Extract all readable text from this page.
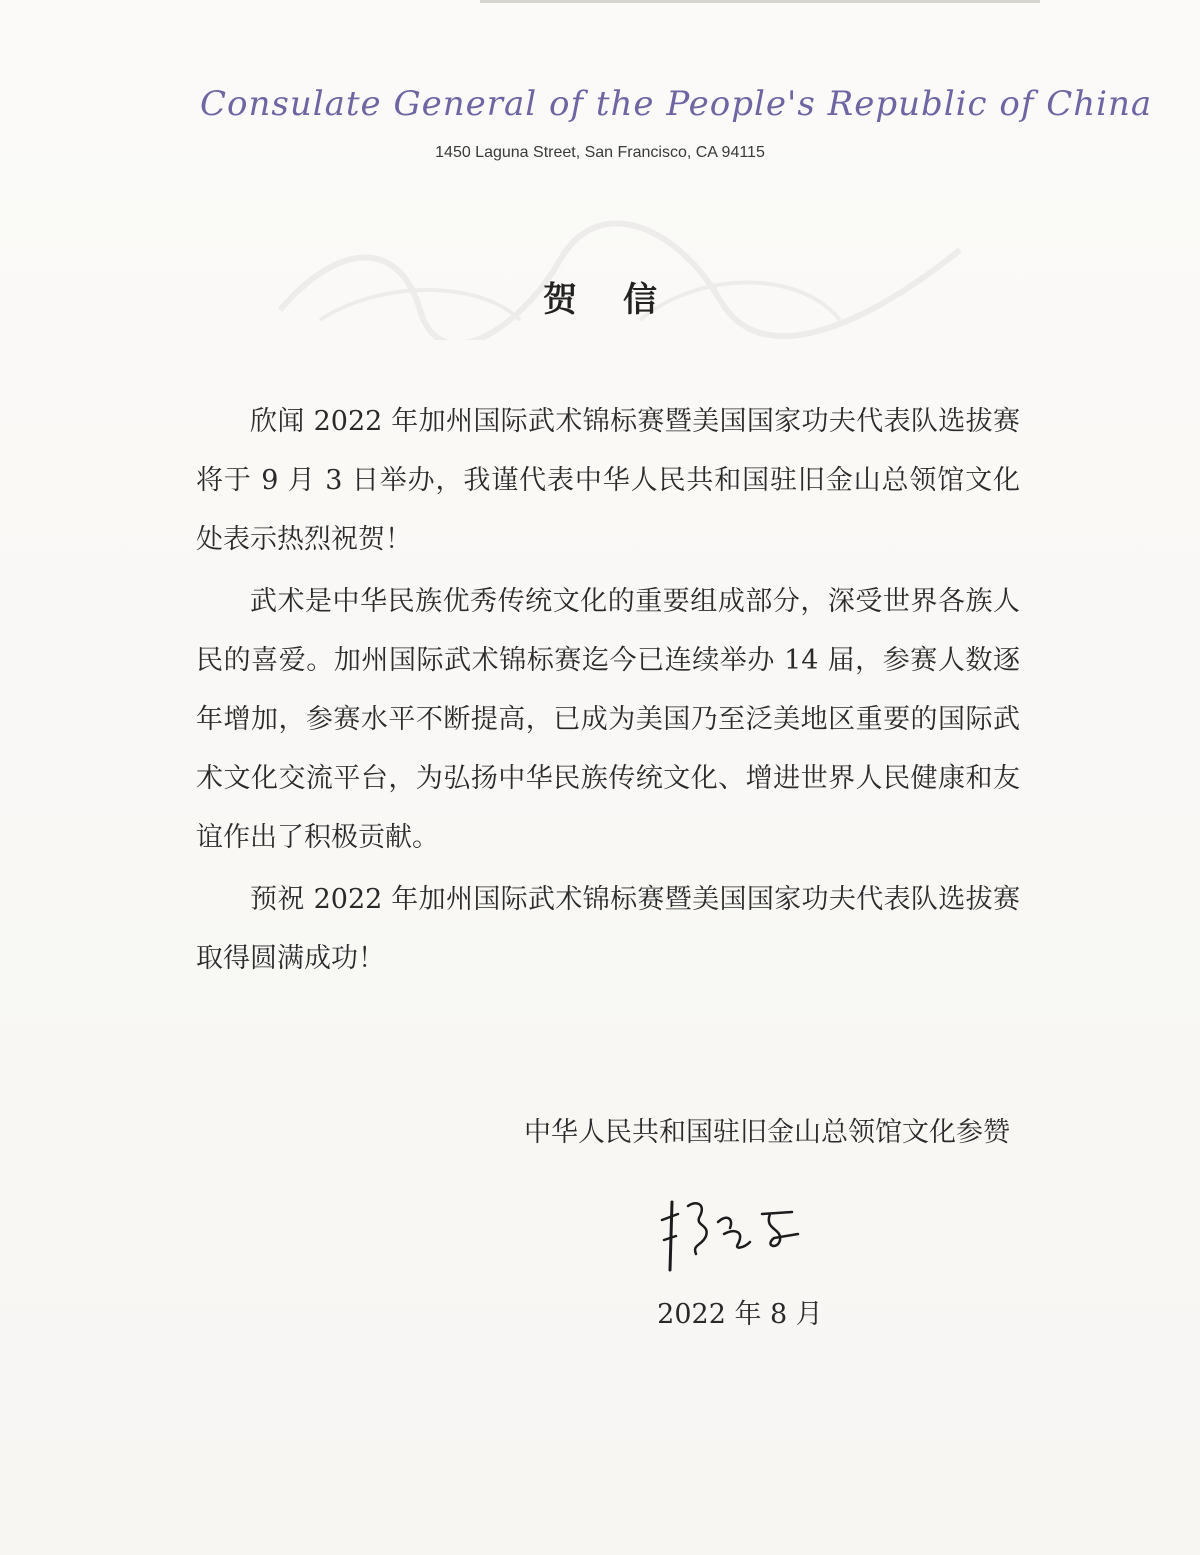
Consulate General of the People's Republic of China
1450 Laguna Street, San Francisco, CA 94115
贺信

欣闻 2022 年加州国际武术锦标赛暨美国国家功夫代表队选拔赛将于 9 月 3 日举办，我谨代表中华人民共和国驻旧金山总领馆文化处表示热烈祝贺！

武术是中华民族优秀传统文化的重要组成部分，深受世界各族人民的喜爱。加州国际武术锦标赛迄今已连续举办 14 届，参赛人数逐年增加，参赛水平不断提高，已成为美国乃至泛美地区重要的国际武术文化交流平台，为弘扬中华民族传统文化、增进世界人民健康和友谊作出了积极贡献。

预祝 2022 年加州国际武术锦标赛暨美国国家功夫代表队选拔赛取得圆满成功！

中华人民共和国驻旧金山总领馆文化参赞
2022 年 8 月
